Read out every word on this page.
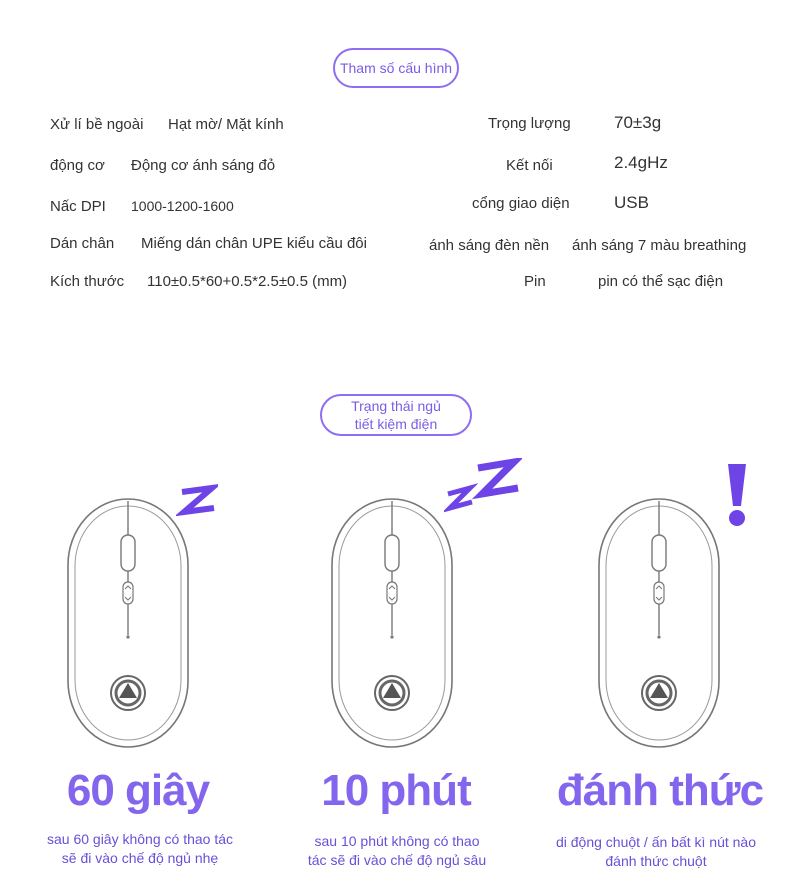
Tham số cấu hình
Xử lí bề ngoài Hạt mờ/ Mặt kính
động cơ Động cơ ánh sáng đỏ
Nấc DPI 1000-1200-1600
Dán chân Miếng dán chân UPE kiểu cầu đôi
Kích thước 110±0.5*60+0.5*2.5±0.5 (mm)
Trọng lượng	70±3g
Kết nối	2.4gHz
cổng giao diện	USB
ánh sáng đèn nền ánh sáng 7 màu breathing
Pin	pin có thể sạc điện
Trạng thái ngủ
tiết kiệm điện
60 giây	10 phút	đánh thức
sau 60 giây không có thao tác
sẽ đi vào chế độ ngủ nhẹ
sau 10 phút không có thao
tác sẽ đi vào chế độ ngủ sâu
di động chuột / ấn bất kì nút nào
đánh thức chuột
